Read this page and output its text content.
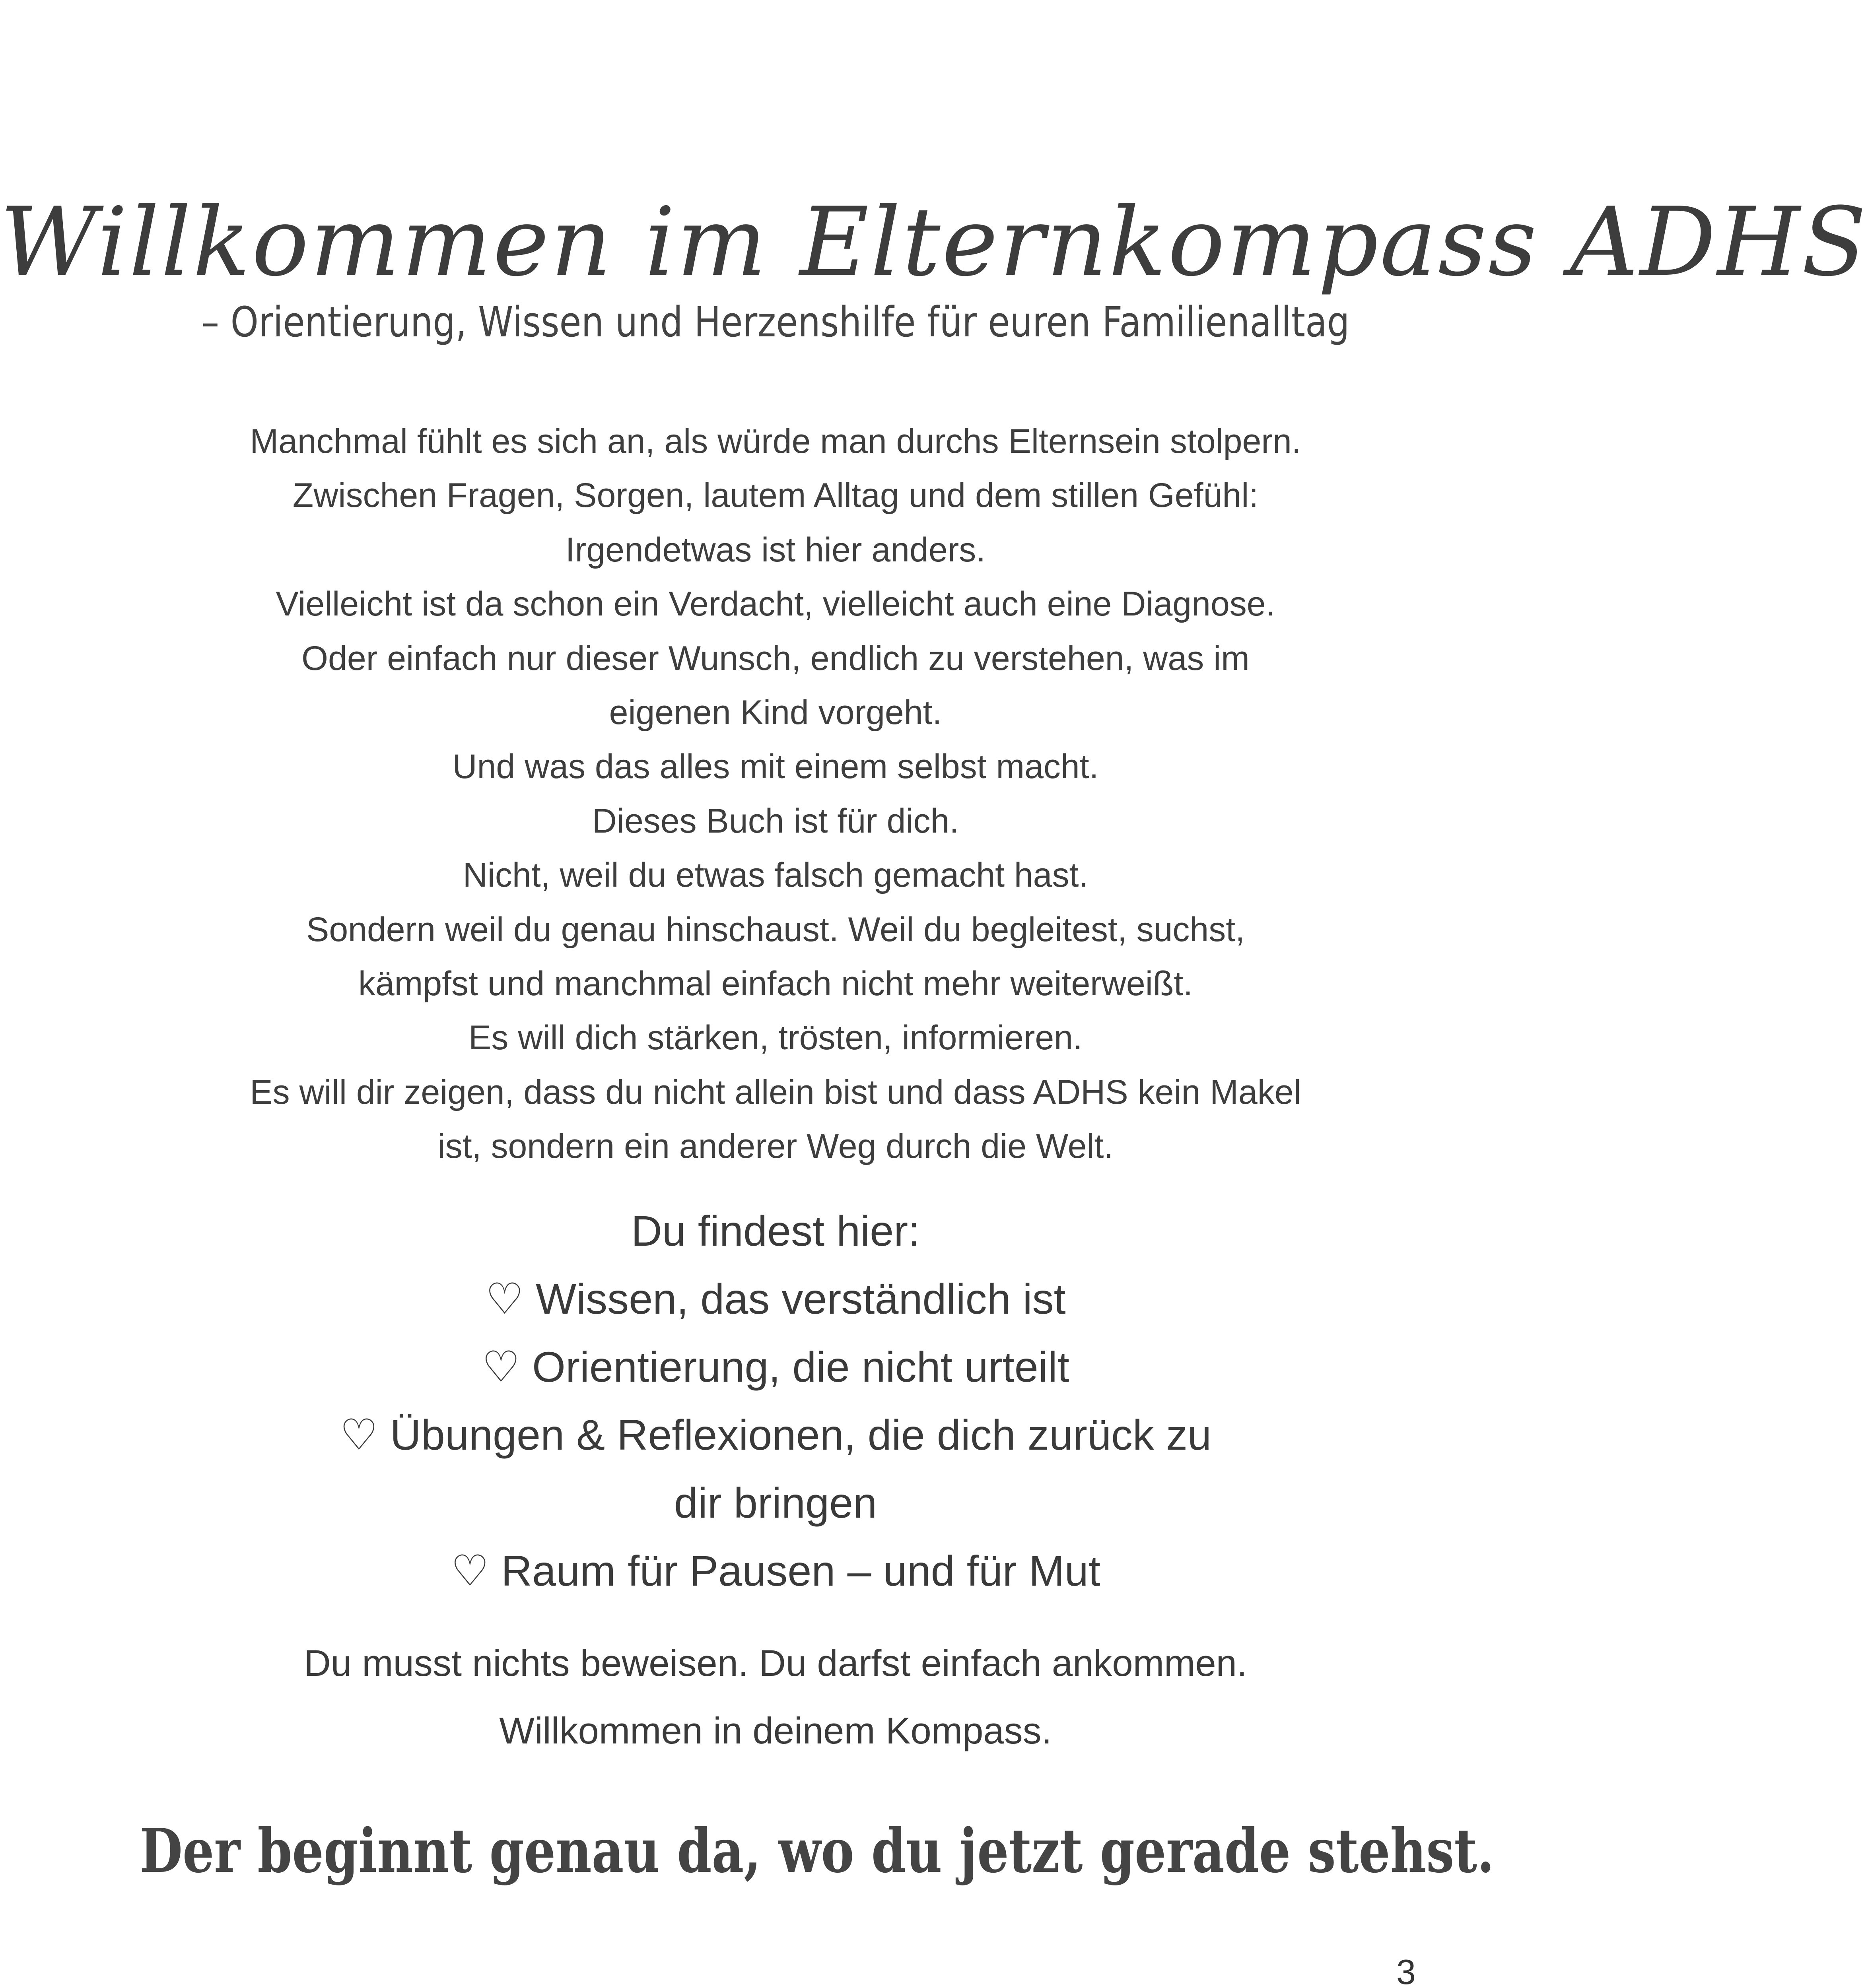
Willkommen im Elternkompass ADHS
– Orientierung, Wissen und Herzenshilfe für euren Familienalltag
Manchmal fühlt es sich an, als würde man durchs Elternsein stolpern.
Zwischen Fragen, Sorgen, lautem Alltag und dem stillen Gefühl:
Irgendetwas ist hier anders.
Vielleicht ist da schon ein Verdacht, vielleicht auch eine Diagnose.
Oder einfach nur dieser Wunsch, endlich zu verstehen, was im
eigenen Kind vorgeht.
Und was das alles mit einem selbst macht.
Dieses Buch ist für dich.
Nicht, weil du etwas falsch gemacht hast.
Sondern weil du genau hinschaust. Weil du begleitest, suchst,
kämpfst und manchmal einfach nicht mehr weiterweißt.
Es will dich stärken, trösten, informieren.
Es will dir zeigen, dass du nicht allein bist und dass ADHS kein Makel
ist, sondern ein anderer Weg durch die Welt.
Du findest hier:
♡ Wissen, das verständlich ist
♡ Orientierung, die nicht urteilt
♡ Übungen & Reflexionen, die dich zurück zu
dir bringen
♡ Raum für Pausen – und für Mut
Du musst nichts beweisen. Du darfst einfach ankommen.
Willkommen in deinem Kompass.
Der beginnt genau da, wo du jetzt gerade stehst.
3
